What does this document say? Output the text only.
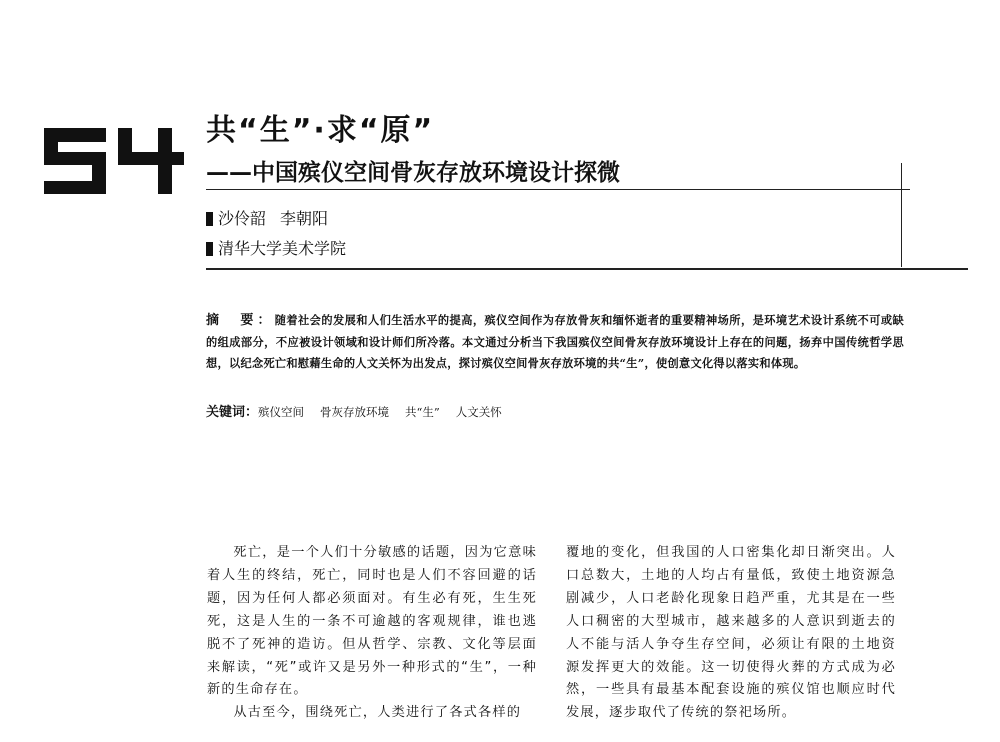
共“生”·求“原”
——中国殡仪空间骨灰存放环境设计探微
沙伶韶 李朝阳
清华大学美术学院
摘　要：随着社会的发展和人们生活水平的提高，殡仪空间作为存放骨灰和缅怀逝者的重要精神场所，是环境艺术设计系统不可或缺的组成部分，不应被设计领域和设计师们所冷落。本文通过分析当下我国殡仪空间骨灰存放环境设计上存在的问题，扬弃中国传统哲学思想，以纪念死亡和慰藉生命的人文关怀为出发点，探讨殡仪空间骨灰存放环境的共“生”，使创意文化得以落实和体现。
关键词：殡仪空间 骨灰存放环境 共“生” 人文关怀

死亡，是一个人们十分敏感的话题，因为它意味着人生的终结，死亡，同时也是人们不容回避的话题，因为任何人都必须面对。有生必有死，生生死死，这是人生的一条不可逾越的客观规律，谁也逃脱不了死神的造访。但从哲学、宗教、文化等层面来解读，“死”或许又是另外一种形式的“生”，一种新的生命存在。

从古至今，围绕死亡，人类进行了各式各样的

覆地的变化，但我国的人口密集化却日渐突出。人口总数大，土地的人均占有量低，致使土地资源急剧减少，人口老龄化现象日趋严重，尤其是在一些人口稠密的大型城市，越来越多的人意识到逝去的人不能与活人争夺生存空间，必须让有限的土地资源发挥更大的效能。这一切使得火葬的方式成为必然，一些具有最基本配套设施的殡仪馆也顺应时代发展，逐步取代了传统的祭祀场所。
